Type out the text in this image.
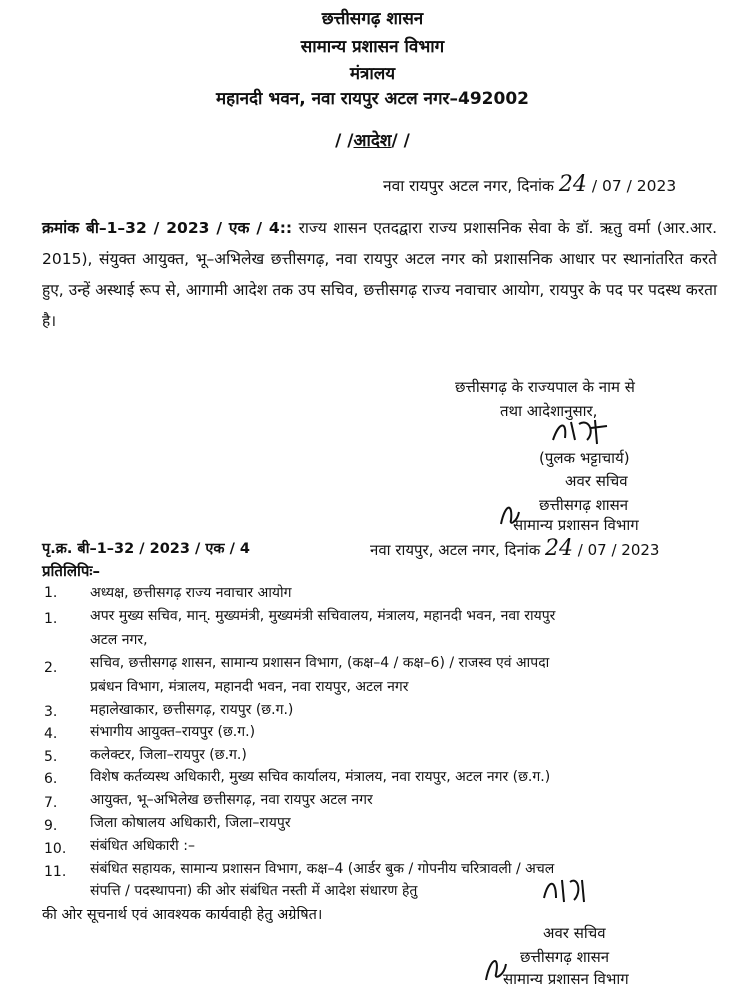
छत्तीसगढ़ शासन
सामान्य प्रशासन विभाग
मंत्रालय
महानदी भवन, नवा रायपुर अटल नगर–492002
/ /आदेश/ /
नवा रायपुर अटल नगर, दिनांक 24 / 07 / 2023
क्रमांक बी–1–32 / 2023 / एक / 4:: राज्य शासन एतदद्वारा राज्य प्रशासनिक सेवा के डॉ. ऋतु वर्मा (आर.आर. 2015), संयुक्त आयुक्त, भू–अभिलेख छत्तीसगढ़, नवा रायपुर अटल नगर को प्रशासनिक आधार पर स्थानांतरित करते हुए, उन्हें अस्थाई रूप से, आगामी आदेश तक उप सचिव, छत्तीसगढ़ राज्य नवाचार आयोग, रायपुर के पद पर पदस्थ करता है।
छत्तीसगढ़ के राज्यपाल के नाम से
तथा आदेशानुसार,
(पुलक भट्टाचार्य)
अवर सचिव
छत्तीसगढ़ शासन
सामान्य प्रशासन विभाग
पृ.क्र. बी–1–32 / 2023 / एक / 4	नवा रायपुर, अटल नगर, दिनांक 24 / 07 / 2023
प्रतिलिपिः–
1. अध्यक्ष, छत्तीसगढ़ राज्य नवाचार आयोग
1. अपर मुख्य सचिव, मान्. मुख्यमंत्री, मुख्यमंत्री सचिवालय, मंत्रालय, महानदी भवन, नवा रायपुर
अटल नगर,
2. सचिव, छत्तीसगढ़ शासन, सामान्य प्रशासन विभाग, (कक्ष–4 / कक्ष–6) / राजस्व एवं आपदा
प्रबंधन विभाग, मंत्रालय, महानदी भवन, नवा रायपुर, अटल नगर
3. महालेखाकार, छत्तीसगढ़, रायपुर (छ.ग.)
4. संभागीय आयुक्त–रायपुर (छ.ग.)
5. कलेक्टर, जिला–रायपुर (छ.ग.)
6. विशेष कर्तव्यस्थ अधिकारी, मुख्य सचिव कार्यालय, मंत्रालय, नवा रायपुर, अटल नगर (छ.ग.)
7. आयुक्त, भू–अभिलेख छत्तीसगढ़, नवा रायपुर अटल नगर
9. जिला कोषालय अधिकारी, जिला–रायपुर
10. संबंधित अधिकारी :–
11. संबंधित सहायक, सामान्य प्रशासन विभाग, कक्ष–4 (आर्डर बुक / गोपनीय चरित्रावली / अचल
संपत्ति / पदस्थापना) की ओर संबंधित नस्ती में आदेश संधारण हेतु
की ओर सूचनार्थ एवं आवश्यक कार्यवाही हेतु अग्रेषित।
अवर सचिव
छत्तीसगढ़ शासन
सामान्य प्रशासन विभाग
